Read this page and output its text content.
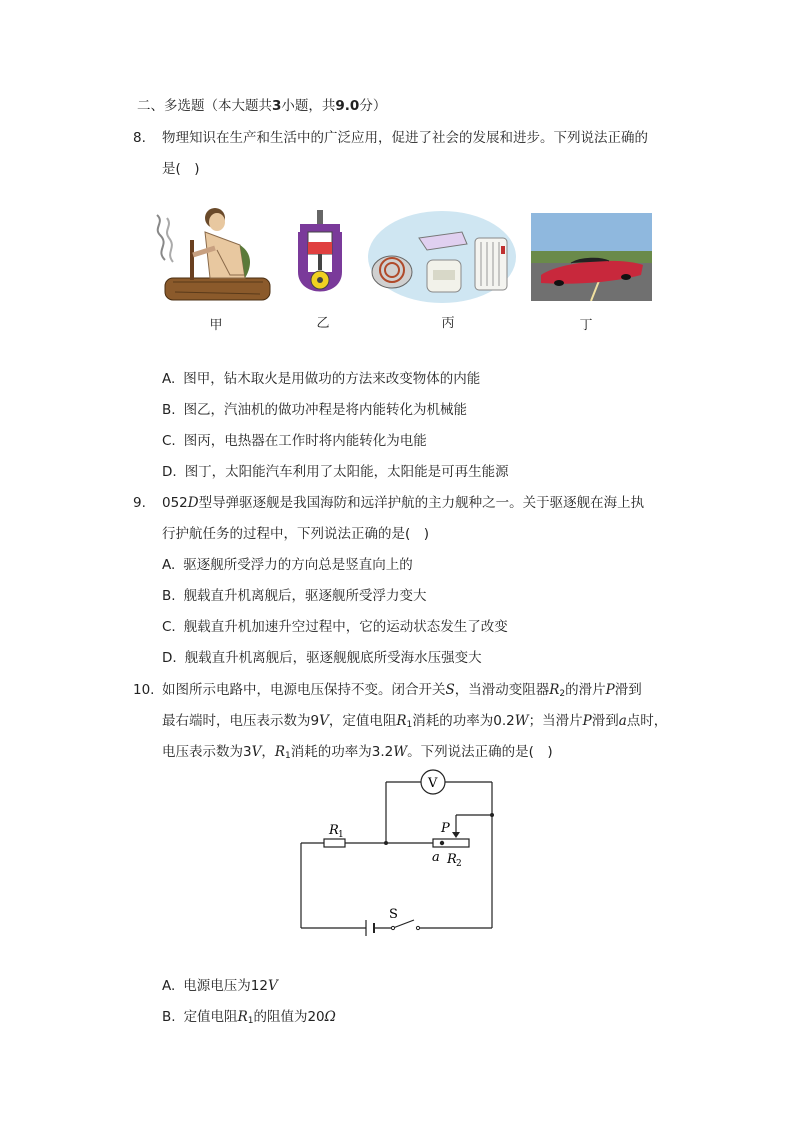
二、多选题（本大题共3小题，共9.0分）
8. 物理知识在生产和生活中的广泛应用，促进了社会的发展和进步。下列说法正确的
是(　)
甲	乙	丙	丁
A. 图甲，钻木取火是用做功的方法来改变物体的内能
B. 图乙，汽油机的做功冲程是将内能转化为机械能
C. 图丙，电热器在工作时将内能转化为电能
D. 图丁，太阳能汽车利用了太阳能，太阳能是可再生能源
9. 052D型导弹驱逐舰是我国海防和远洋护航的主力舰种之一。关于驱逐舰在海上执
行护航任务的过程中，下列说法正确的是(　)
A. 驱逐舰所受浮力的方向总是竖直向上的
B. 舰载直升机离舰后，驱逐舰所受浮力变大
C. 舰载直升机加速升空过程中，它的运动状态发生了改变
D. 舰载直升机离舰后，驱逐舰舰底所受海水压强变大
10. 如图所示电路中，电源电压保持不变。闭合开关S，当滑动变阻器$R_2$的滑片P滑到
最右端时，电压表示数为9V，定值电阻$R_1$消耗的功率为0.2W；当滑片P滑到a点时，
电压表示数为3V，$R_1$消耗的功率为3.2W。下列说法正确的是(　)
V
R 1	P
a R 2
S
A. 电源电压为12V
B. 定值电阻$R_1$的阻值为20Ω
